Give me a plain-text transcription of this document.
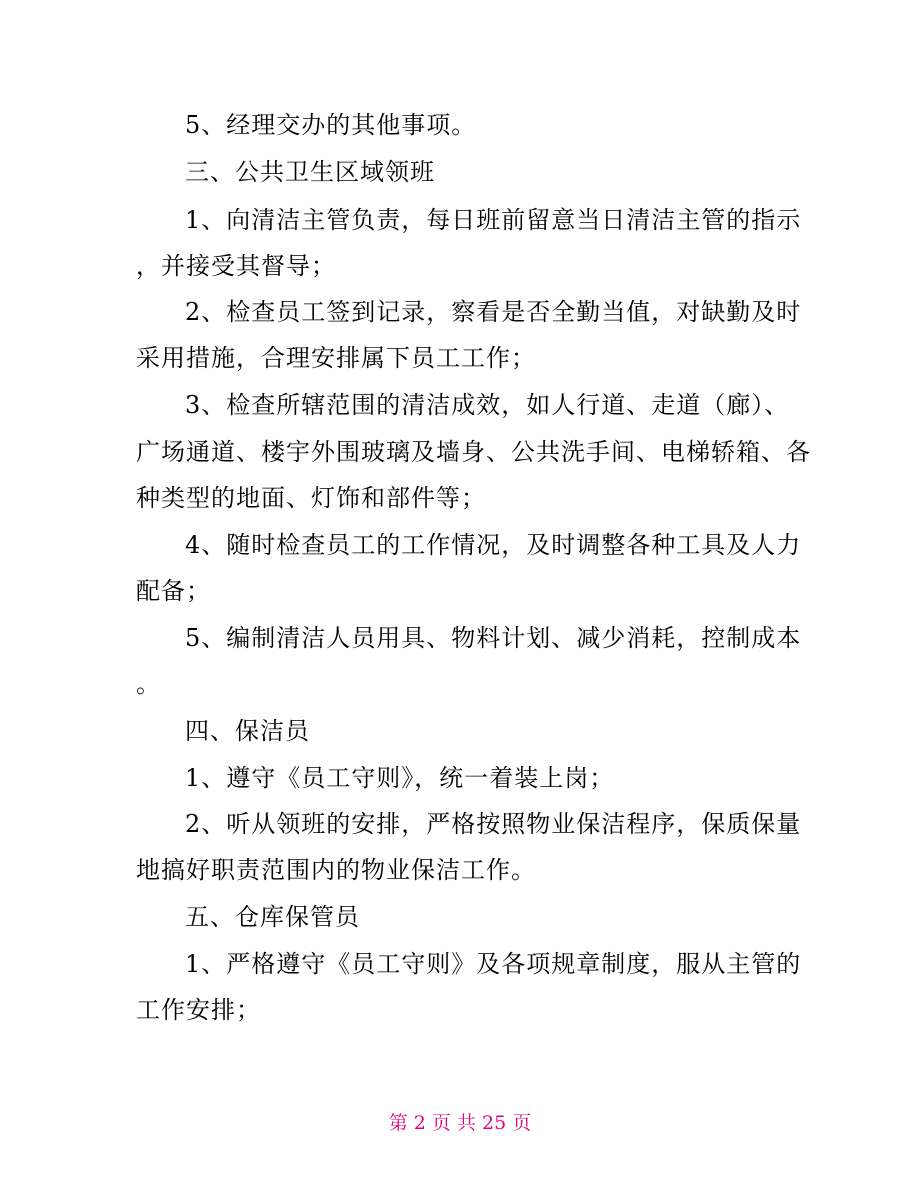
5、经理交办的其他事项。
三、公共卫生区域领班
1、向清洁主管负责，每日班前留意当日清洁主管的指示
，并接受其督导；
2、检查员工签到记录，察看是否全勤当值，对缺勤及时
采用措施，合理安排属下员工工作；
3、检查所辖范围的清洁成效，如人行道、走道（廊）、
广场通道、楼宇外围玻璃及墙身、公共洗手间、电梯轿箱、各
种类型的地面、灯饰和部件等；
4、随时检查员工的工作情况，及时调整各种工具及人力
配备；
5、编制清洁人员用具、物料计划、减少消耗，控制成本
。
四、保洁员
1、遵守《员工守则》，统一着装上岗；
2、听从领班的安排，严格按照物业保洁程序，保质保量
地搞好职责范围内的物业保洁工作。
五、仓库保管员
1、严格遵守《员工守则》及各项规章制度，服从主管的
工作安排；
第 2 页 共 25 页
